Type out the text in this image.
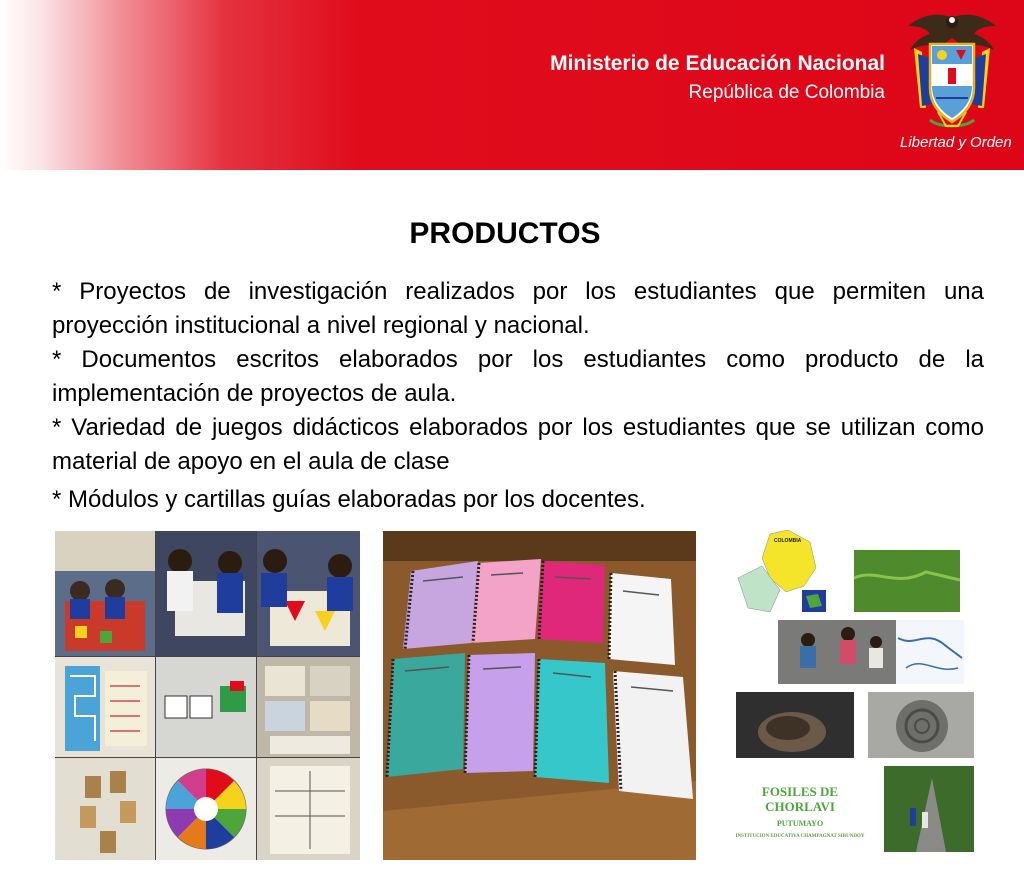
Ministerio de Educación Nacional
República de Colombia
Libertad y Orden
PRODUCTOS

* Proyectos de investigación realizados por los estudiantes que permiten una proyección institucional a nivel regional y nacional.

* Documentos escritos elaborados por los estudiantes como producto de la implementación de proyectos de aula.

* Variedad de juegos didácticos elaborados por los estudiantes que se utilizan como material de apoyo en el aula de clase

* Módulos y cartillas guías elaboradas por los docentes.

COLOMBIA
FOSILES DE CHORLAVI
PUTUMAYO
INSTITUCION EDUCATIVA CHAMPAGNAT SIBUNDOY
